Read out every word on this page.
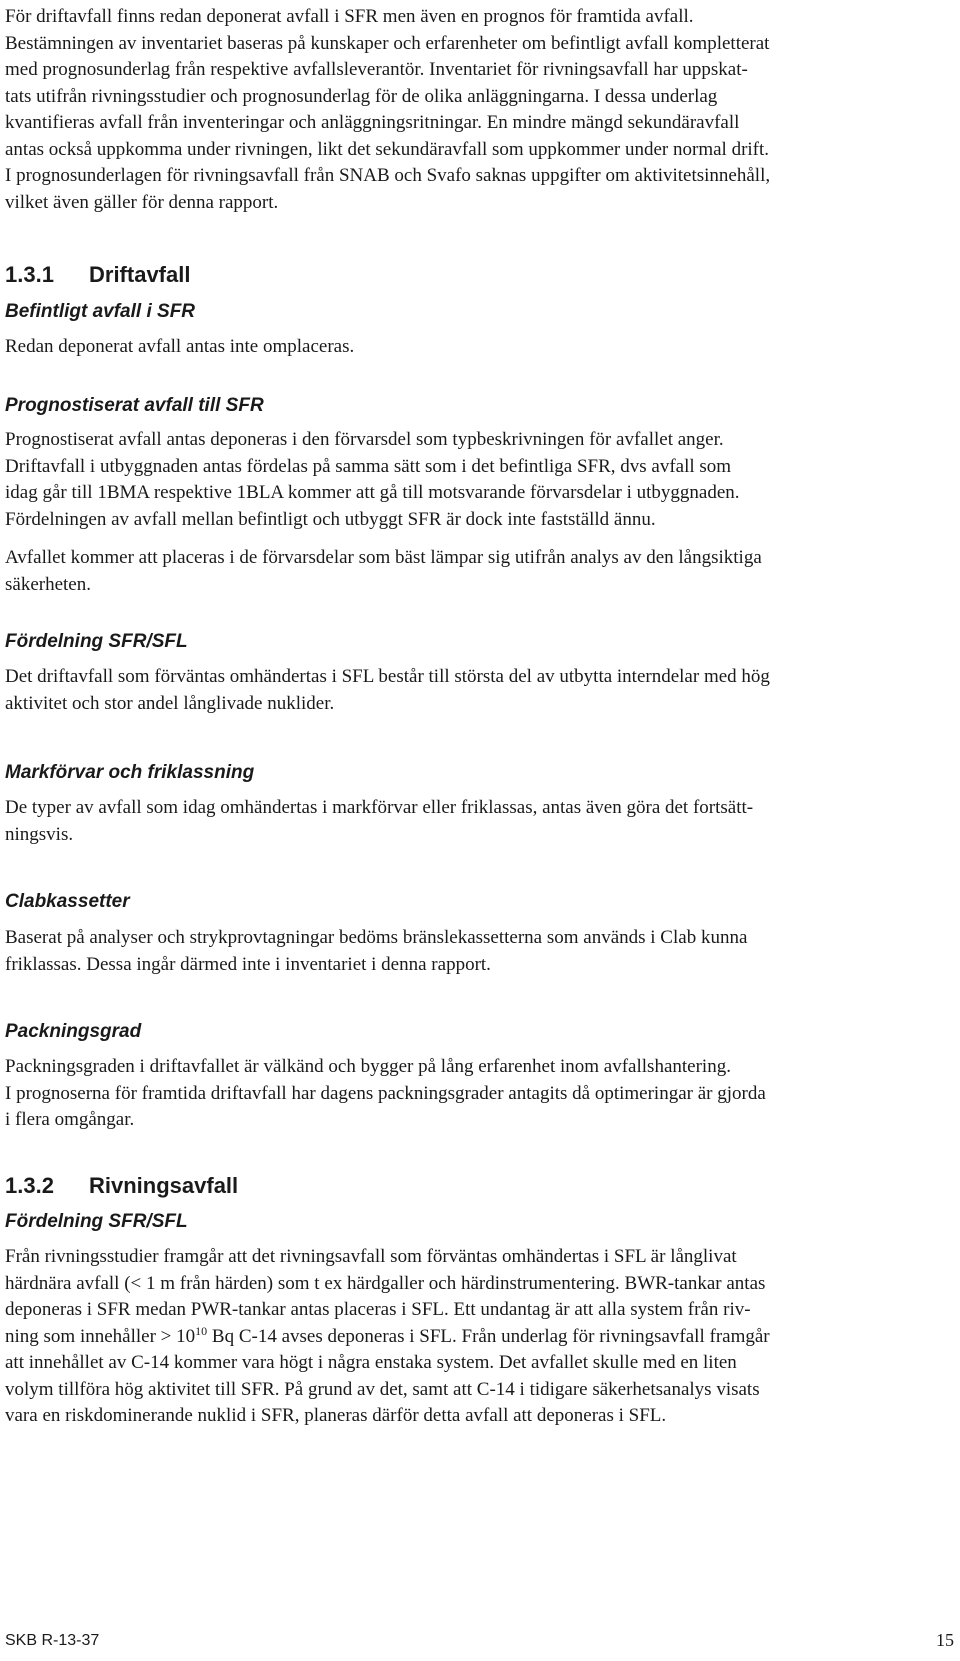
För driftavfall finns redan deponerat avfall i SFR men även en prognos för framtida avfall.
Bestämningen av inventariet baseras på kunskaper och erfarenheter om befintligt avfall kompletterat
med prognosunderlag från respektive avfallsleverantör. Inventariet för rivningsavfall har uppskat-
tats utifrån rivningsstudier och prognosunderlag för de olika anläggningarna. I dessa underlag
kvantifieras avfall från inventeringar och anläggningsritningar. En mindre mängd sekundäravfall
antas också uppkomma under rivningen, likt det sekundäravfall som uppkommer under normal drift.
I prognosunderlagen för rivningsavfall från SNAB och Svafo saknas uppgifter om aktivitetsinnehåll,
vilket även gäller för denna rapport.
1.3.1 Driftavfall
Befintligt avfall i SFR
Redan deponerat avfall antas inte omplaceras.
Prognostiserat avfall till SFR
Prognostiserat avfall antas deponeras i den förvarsdel som typbeskrivningen för avfallet anger.
Driftavfall i utbyggnaden antas fördelas på samma sätt som i det befintliga SFR, dvs avfall som
idag går till 1BMA respektive 1BLA kommer att gå till motsvarande förvarsdelar i utbyggnaden.
Fördelningen av avfall mellan befintligt och utbyggt SFR är dock inte fastställd ännu.
Avfallet kommer att placeras i de förvarsdelar som bäst lämpar sig utifrån analys av den långsiktiga
säkerheten.
Fördelning SFR/SFL
Det driftavfall som förväntas omhändertas i SFL består till största del av utbytta interndelar med hög
aktivitet och stor andel långlivade nuklider.
Markförvar och friklassning
De typer av avfall som idag omhändertas i markförvar eller friklassas, antas även göra det fortsätt-
ningsvis.
Clabkassetter
Baserat på analyser och strykprovtagningar bedöms bränslekassetterna som används i Clab kunna
friklassas. Dessa ingår därmed inte i inventariet i denna rapport.
Packningsgrad
Packningsgraden i driftavfallet är välkänd och bygger på lång erfarenhet inom avfallshantering.
I prognoserna för framtida driftavfall har dagens packningsgrader antagits då optimeringar är gjorda
i flera omgångar.
1.3.2 Rivningsavfall
Fördelning SFR/SFL
Från rivningsstudier framgår att det rivningsavfall som förväntas omhändertas i SFL är långlivat
härdnära avfall (< 1 m från härden) som t ex härdgaller och härdinstrumentering. BWR-tankar antas
deponeras i SFR medan PWR-tankar antas placeras i SFL. Ett undantag är att alla system från riv-
ning som innehåller > $10^{10}$ Bq C-14 avses deponeras i SFL. Från underlag för rivningsavfall framgår
att innehållet av C-14 kommer vara högt i några enstaka system. Det avfallet skulle med en liten
volym tillföra hög aktivitet till SFR. På grund av det, samt att C-14 i tidigare säkerhetsanalys visats
vara en riskdominerande nuklid i SFR, planeras därför detta avfall att deponeras i SFL.
SKB R-13-37	15
